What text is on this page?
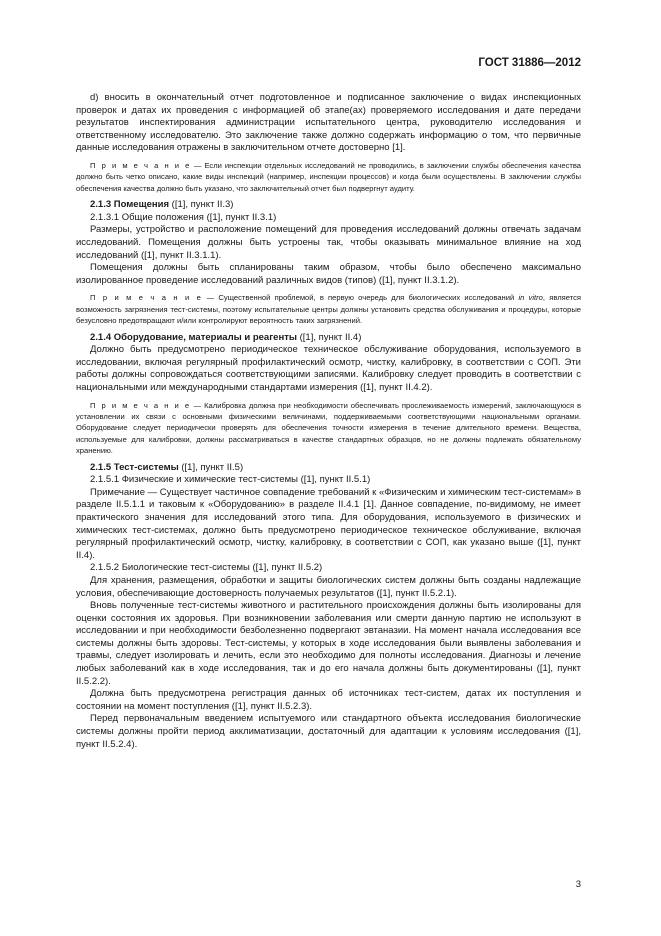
ГОСТ 31886—2012

d) вносить в окончательный отчет подготовленное и подписанное заключение о видах инспекционных проверок и датах их проведения с информацией об этапе(ах) проверяемого исследования и дате передачи результатов инспектирования администрации испытательного центра, руководителю исследования и ответственному исследователю. Это заключение также должно содержать информацию о том, что первичные данные исследования отражены в заключительном отчете достоверно [1].

П р и м е ч а н и е — Если инспекции отдельных исследований не проводились, в заключении службы обеспечения качества должно быть четко описано, какие виды инспекций (например, инспекции процессов) и когда были осуществлены. В заключении службы обеспечения качества должно быть указано, что заключительный отчет был подвергнут аудиту.

2.1.3 Помещения ([1], пункт II.3)

2.1.3.1 Общие положения ([1], пункт II.3.1)

Размеры, устройство и расположение помещений для проведения исследований должны отвечать задачам исследований. Помещения должны быть устроены так, чтобы оказывать минимальное влияние на ход исследований ([1], пункт II.3.1.1).

Помещения должны быть спланированы таким образом, чтобы было обеспечено максимально изолированное проведение исследований различных видов (типов) ([1], пункт II.3.1.2).

П р и м е ч а н и е — Существенной проблемой, в первую очередь для биологических исследований in vitro, является возможность загрязнения тест-системы, поэтому испытательные центры должны установить средства обслуживания и процедуры, которые безусловно предотвращают и/или контролируют вероятность таких загрязнений.

2.1.4 Оборудование, материалы и реагенты ([1], пункт II.4)

Должно быть предусмотрено периодическое техническое обслуживание оборудования, используемого в исследовании, включая регулярный профилактический осмотр, чистку, калибровку, в соответствии с СОП. Эти работы должны сопровождаться соответствующими записями. Калибровку следует проводить в соответствии с национальными или международными стандартами измерения ([1], пункт II.4.2).

П р и м е ч а н и е — Калибровка должна при необходимости обеспечивать прослеживаемость измерений, заключающуюся в установлении их связи с основными физическими величинами, поддерживаемыми соответствующими национальными органами. Оборудование следует периодически проверять для обеспечения точности измерения в течение длительного времени. Вещества, используемые для калибровки, должны рассматриваться в качестве стандартных образцов, но не должны подлежать обязательному хранению.

2.1.5 Тест-системы ([1], пункт II.5)

2.1.5.1 Физические и химические тест-системы ([1], пункт II.5.1)

Примечание — Существует частичное совпадение требований к «Физическим и химическим тест-системам» в разделе II.5.1.1 и таковым к «Оборудованию» в разделе II.4.1 [1]. Данное совпадение, по-видимому, не имеет практического значения для исследований этого типа. Для оборудования, используемого в физических и химических тест-системах, должно быть предусмотрено периодическое техническое обслуживание, включая регулярный профилактический осмотр, чистку, калибровку, в соответствии с СОП, как указано выше ([1], пункт II.4).

2.1.5.2 Биологические тест-системы ([1], пункт II.5.2)

Для хранения, размещения, обработки и защиты биологических систем должны быть созданы надлежащие условия, обеспечивающие достоверность получаемых результатов ([1], пункт II.5.2.1).

Вновь полученные тест-системы животного и растительного происхождения должны быть изолированы для оценки состояния их здоровья. При возникновении заболевания или смерти данную партию не используют в исследовании и при необходимости безболезненно подвергают эвтаназии. На момент начала исследования все системы должны быть здоровы. Тест-системы, у которых в ходе исследования были выявлены заболевания и травмы, следует изолировать и лечить, если это необходимо для полноты исследования. Диагнозы и лечение любых заболеваний как в ходе исследования, так и до его начала должны быть документированы ([1], пункт II.5.2.2).

Должна быть предусмотрена регистрация данных об источниках тест-систем, датах их поступления и состоянии на момент поступления ([1], пункт II.5.2.3).

Перед первоначальным введением испытуемого или стандартного объекта исследования биологические системы должны пройти период акклиматизации, достаточный для адаптации к условиям исследования ([1], пункт II.5.2.4).

3
